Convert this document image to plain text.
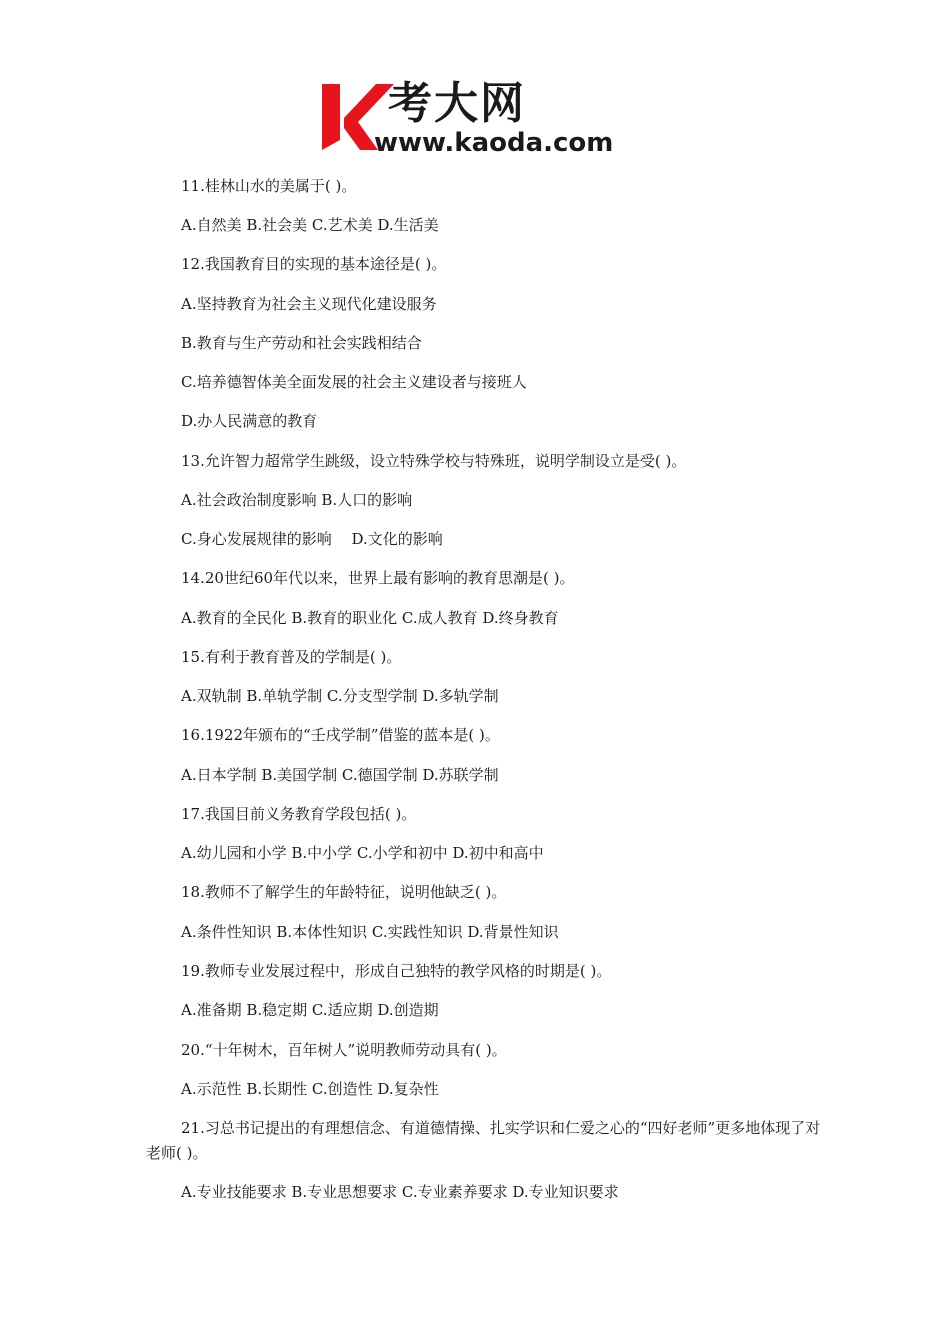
考大网
www.kaoda.com
11.桂林山水的美属于( )。
A.自然美 B.社会美 C.艺术美 D.生活美
12.我国教育目的实现的基本途径是( )。
A.坚持教育为社会主义现代化建设服务
B.教育与生产劳动和社会实践相结合
C.培养德智体美全面发展的社会主义建设者与接班人
D.办人民满意的教育
13.允许智力超常学生跳级，设立特殊学校与特殊班，说明学制设立是受( )。
A.社会政治制度影响 B.人口的影响
C.身心发展规律的影响　 D.文化的影响
14.20世纪60年代以来，世界上最有影响的教育思潮是( )。
A.教育的全民化 B.教育的职业化 C.成人教育 D.终身教育
15.有利于教育普及的学制是( )。
A.双轨制 B.单轨学制 C.分支型学制 D.多轨学制
16.1922年颁布的“壬戌学制”借鉴的蓝本是( )。
A.日本学制 B.美国学制 C.德国学制 D.苏联学制
17.我国目前义务教育学段包括( )。
A.幼儿园和小学 B.中小学 C.小学和初中 D.初中和高中
18.教师不了解学生的年龄特征，说明他缺乏( )。
A.条件性知识 B.本体性知识 C.实践性知识 D.背景性知识
19.教师专业发展过程中，形成自己独特的教学风格的时期是( )。
A.准备期 B.稳定期 C.适应期 D.创造期
20.“十年树木，百年树人”说明教师劳动具有( )。
A.示范性 B.长期性 C.创造性 D.复杂性
21.习总书记提出的有理想信念、有道德情操、扎实学识和仁爱之心的“四好老师”更多地体现了对老师( )。
A.专业技能要求 B.专业思想要求 C.专业素养要求 D.专业知识要求
